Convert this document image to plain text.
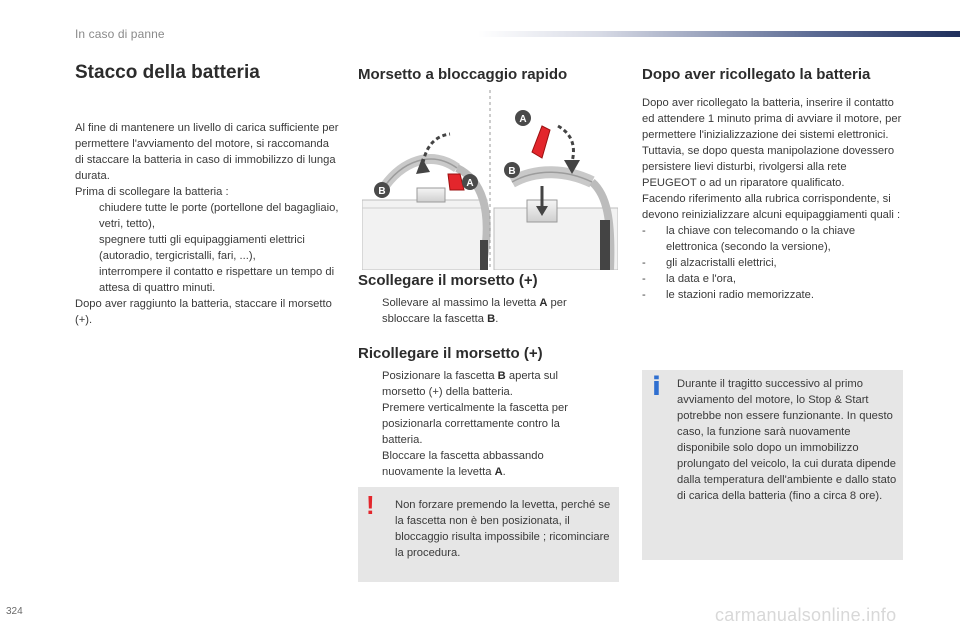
In caso di panne
Stacco della batteria

Al fine di mantenere un livello di carica sufficiente per permettere l'avviamento del motore, si raccomanda di staccare la batteria in caso di immobilizzo di lunga durata.

Prima di scollegare la batteria :

chiudere tutte le porte (portellone del bagagliaio, vetri, tetto),
spegnere tutti gli equipaggiamenti elettrici (autoradio, tergicristalli, fari, ...),
interrompere il contatto e rispettare un tempo di attesa di quattro minuti.

Dopo aver raggiunto la batteria, staccare il morsetto (+).

Morsetto a bloccaggio rapido
B
A
A
B
Scollegare il morsetto (+)
Sollevare al massimo la levetta A per sbloccare la fascetta B.
Ricollegare il morsetto (+)
Posizionare la fascetta B aperta sul morsetto (+) della batteria.
Premere verticalmente la fascetta per posizionarla correttamente contro la batteria.
Bloccare la fascetta abbassando nuovamente la levetta A.
! Non forzare premendo la levetta, perché se la fascetta non è ben posizionata, il bloccaggio risulta impossibile ; ricominciare la procedura.
Dopo aver ricollegato la batteria

Dopo aver ricollegato la batteria, inserire il contatto ed attendere 1 minuto prima di avviare il motore, per permettere l'inizializzazione dei sistemi elettronici.

Tuttavia, se dopo questa manipolazione dovessero persistere lievi disturbi, rivolgersi alla rete PEUGEOT o ad un riparatore qualificato.

Facendo riferimento alla rubrica corrispondente, si devono reinizializzare alcuni equipaggiamenti quali :

-	la chiave con telecomando o la chiave elettronica (secondo la versione),
-	gli alzacristalli elettrici,
-	la data e l'ora,
-	le stazioni radio memorizzate.
i Durante il tragitto successivo al primo avviamento del motore, lo Stop & Start potrebbe non essere funzionante. In questo caso, la funzione sarà nuovamente disponibile solo dopo un immobilizzo prolungato del veicolo, la cui durata dipende dalla temperatura dell'ambiente e dallo stato di carica della batteria (fino a circa 8 ore).
324	carmanualsonline.info
